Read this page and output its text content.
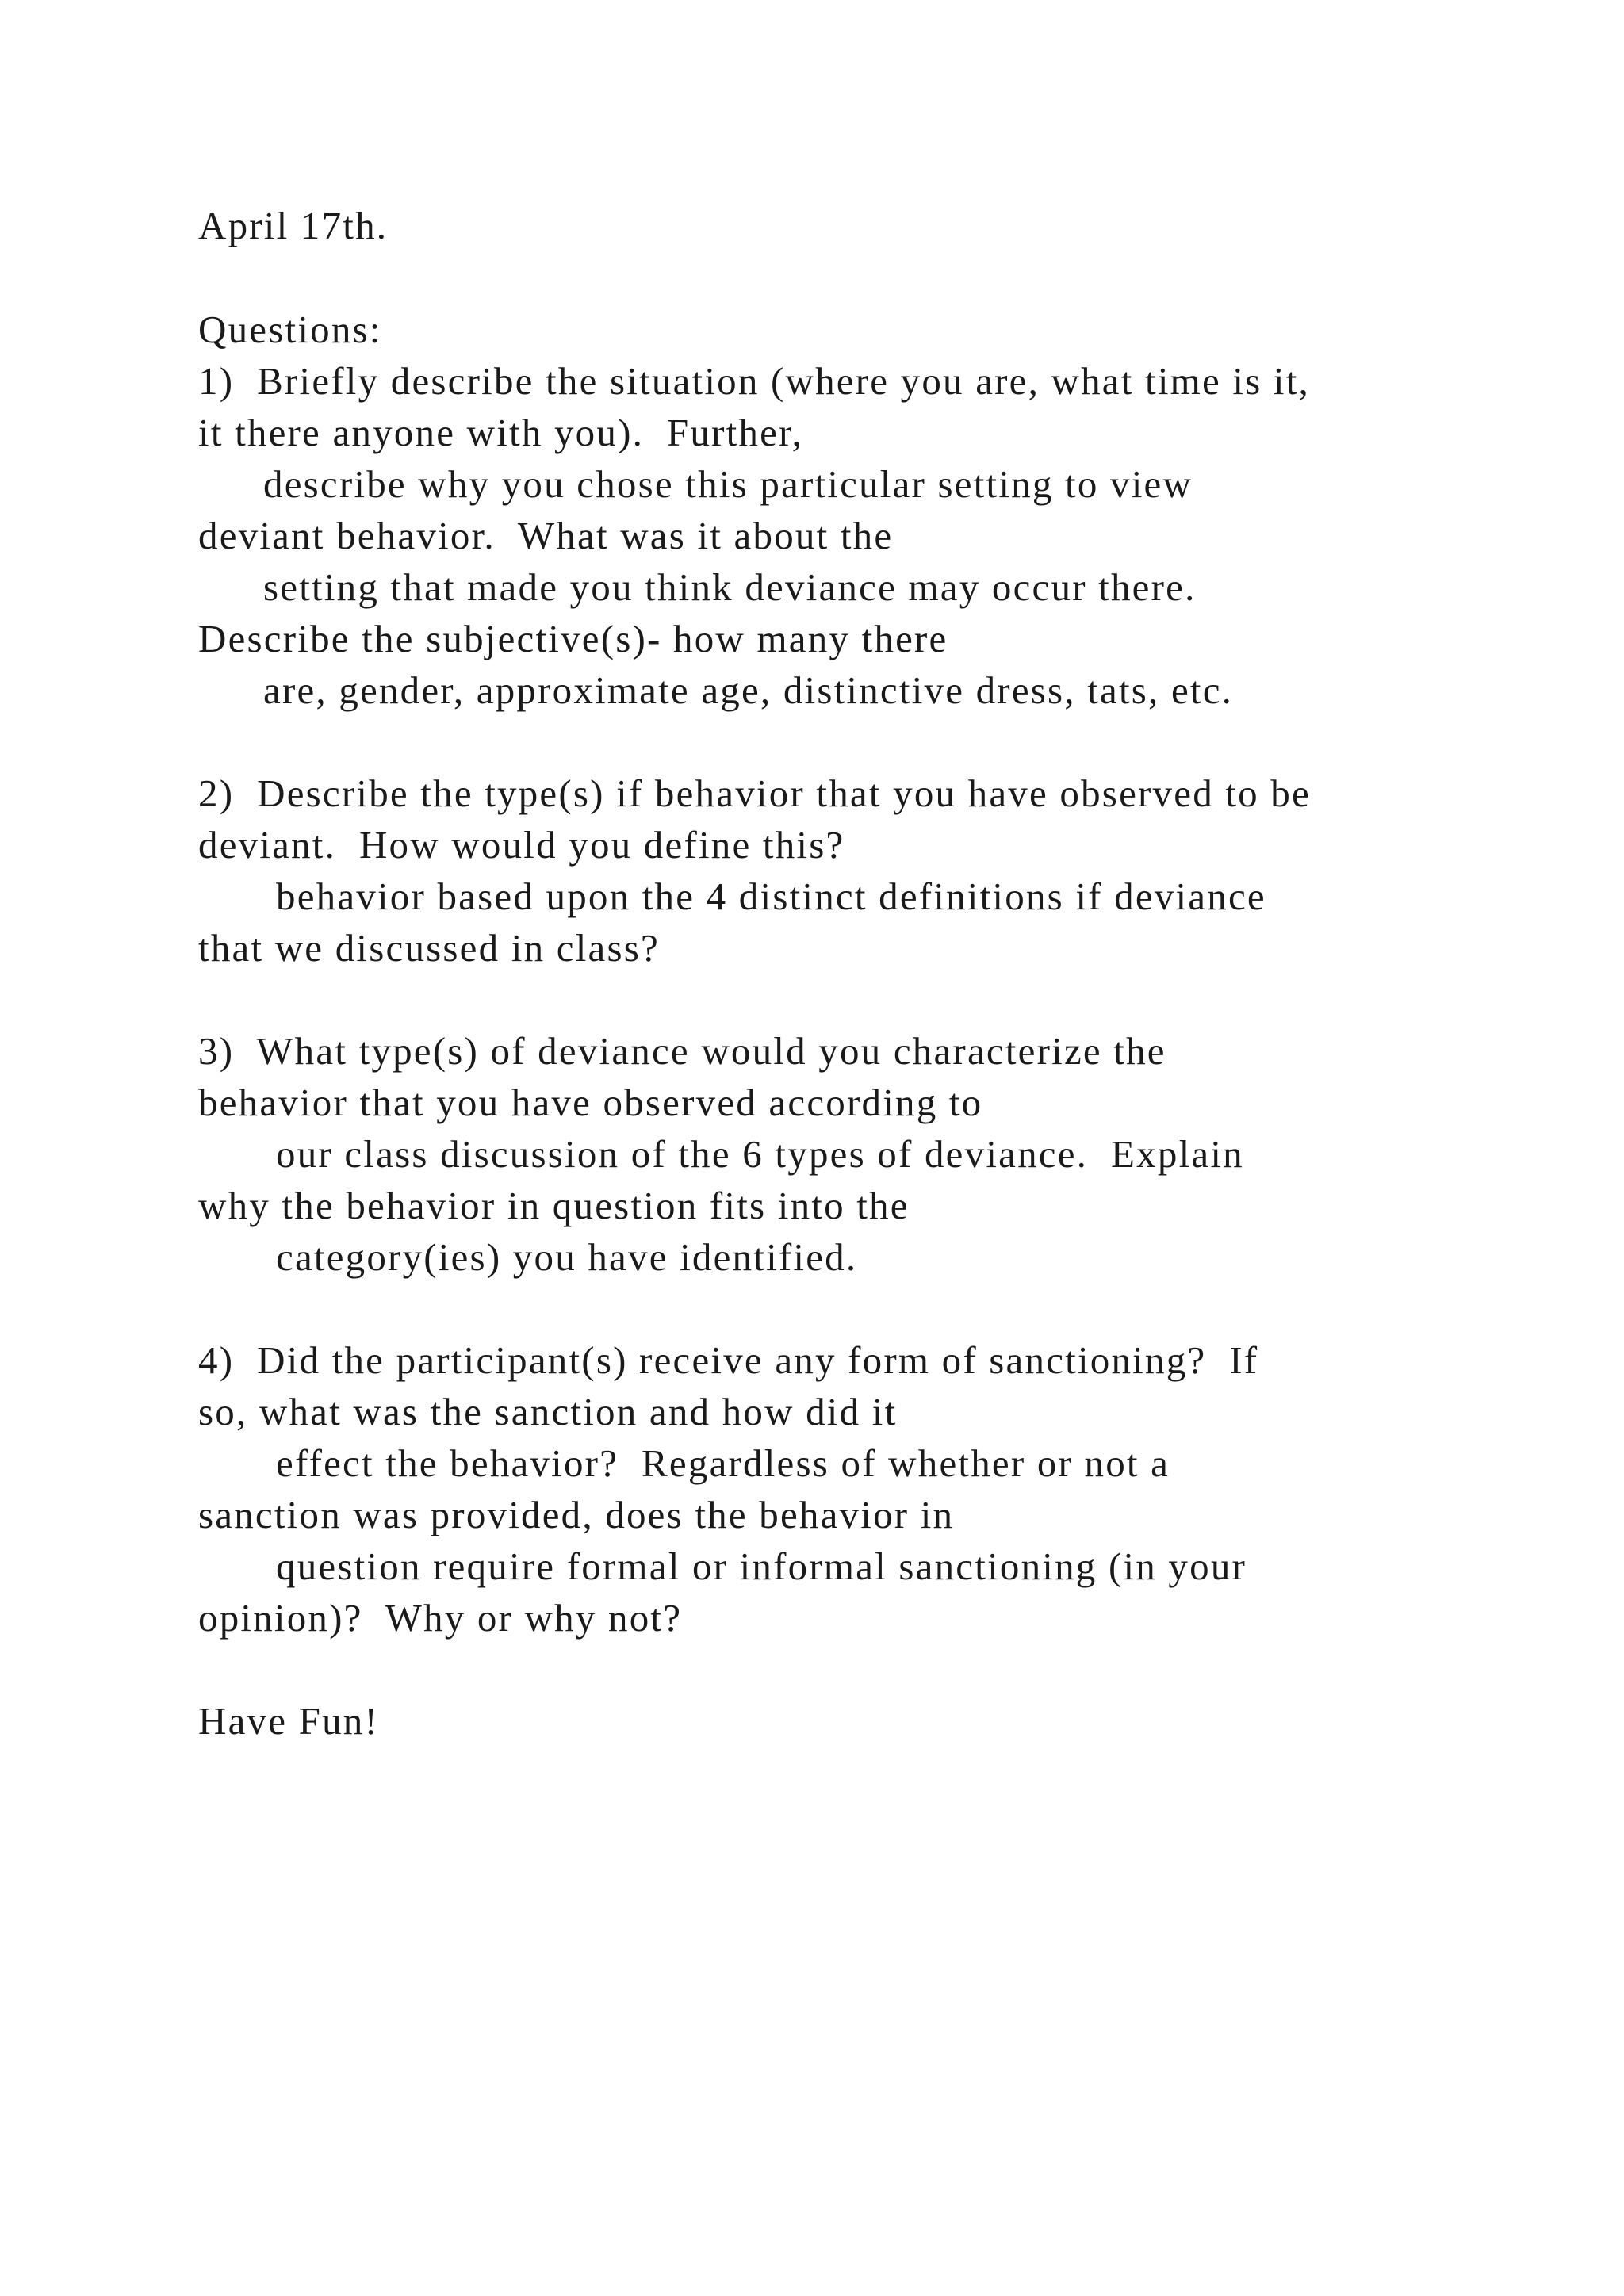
April 17th.
Questions:
1)  Briefly describe the situation (where you are, what time is it,
it there anyone with you).  Further,
describe why you chose this particular setting to view
deviant behavior.  What was it about the
setting that made you think deviance may occur there.
Describe the subjective(s)- how many there
are, gender, approximate age, distinctive dress, tats, etc.
2)  Describe the type(s) if behavior that you have observed to be
deviant.  How would you define this?
behavior based upon the 4 distinct definitions if deviance
that we discussed in class?
3)  What type(s) of deviance would you characterize the
behavior that you have observed according to
our class discussion of the 6 types of deviance.  Explain
why the behavior in question fits into the
category(ies) you have identified.
4)  Did the participant(s) receive any form of sanctioning?  If
so, what was the sanction and how did it
effect the behavior?  Regardless of whether or not a
sanction was provided, does the behavior in
question require formal or informal sanctioning (in your
opinion)?  Why or why not?
Have Fun!
